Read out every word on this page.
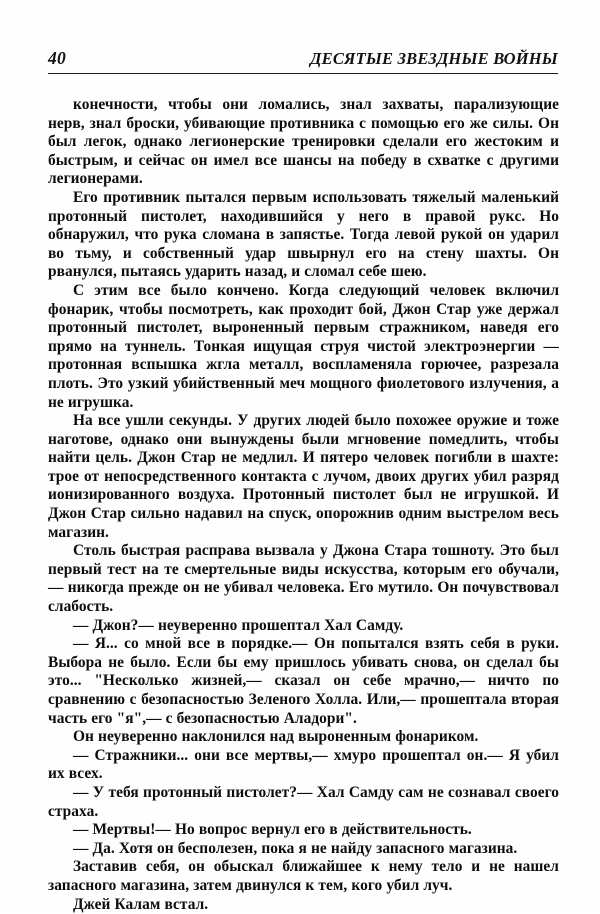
40	ДЕСЯТЫЕ ЗВЕЗДНЫЕ ВОЙНЫ

конечности, чтобы они ломались, знал захваты, парализующие нерв, знал броски, убивающие противника с помощью его же силы. Он был легок, однако легионерские тренировки сделали его жестоким и быстрым, и сейчас он имел все шансы на победу в схватке с другими легионерами.

Его противник пытался первым использовать тяжелый маленький протонный пистолет, находившийся у него в правой рукc. Но обнаружил, что рука сломана в запястье. Тогда левой рукой он ударил во тьму, и собственный удар швырнул его на стену шахты. Он рванулся, пытаясь ударить назад, и сломал себе шею.

С этим все было кончено. Когда следующий человек включил фонарик, чтобы посмотреть, как проходит бой, Джон Стар уже держал протонный пистолет, выроненный первым стражником, наведя его прямо на туннель. Тонкая ищущая струя чистой электроэнергии — протонная вспышка жгла металл, воспламеняла горючее, разрезала плоть. Это узкий убийственный меч мощного фиолетового излучения, а не игрушка.

На все ушли секунды. У других людей было похожее оружие и тоже наготове, однако они вынуждены были мгновение помедлить, чтобы найти цель. Джон Стар не медлил. И пятеро человек погибли в шахте: трое от непосредственного контакта с лучом, двоих других убил разряд ионизированного воздуха. Протонный пистолет был не игрушкой. И Джон Стар сильно надавил на спуск, опорожнив одним выстрелом весь магазин.

Столь быстрая расправа вызвала у Джона Стара тошноту. Это был первый тест на те смертельные виды искусства, которым его обучали,— никогда прежде он не убивал человека. Его мутило. Он почувствовал слабость.

— Джон?— неуверенно прошептал Хал Самду.

— Я... со мной все в порядке.— Он попытался взять себя в руки. Выбора не было. Если бы ему пришлось убивать снова, он сделал бы это... "Несколько жизней,— сказал он себе мрачно,— ничто по сравнению с безопасностью Зеленого Холла. Или,— прошептала вторая часть его "я",— с безопасностью Аладори".

Он неуверенно наклонился над выроненным фонариком.

— Стражники... они все мертвы,— хмуро прошептал он.— Я убил их всех.

— У тебя протонный пистолет?— Хал Самду сам не сознавал своего страха.

— Мертвы!— Но вопрос вернул его в действительность.

— Да. Хотя он бесполезен, пока я не найду запасного магазина.

Заставив себя, он обыскал ближайшее к нему тело и не нашел запасного магазина, затем двинулся к тем, кого убил луч.

Джей Калам встал.
